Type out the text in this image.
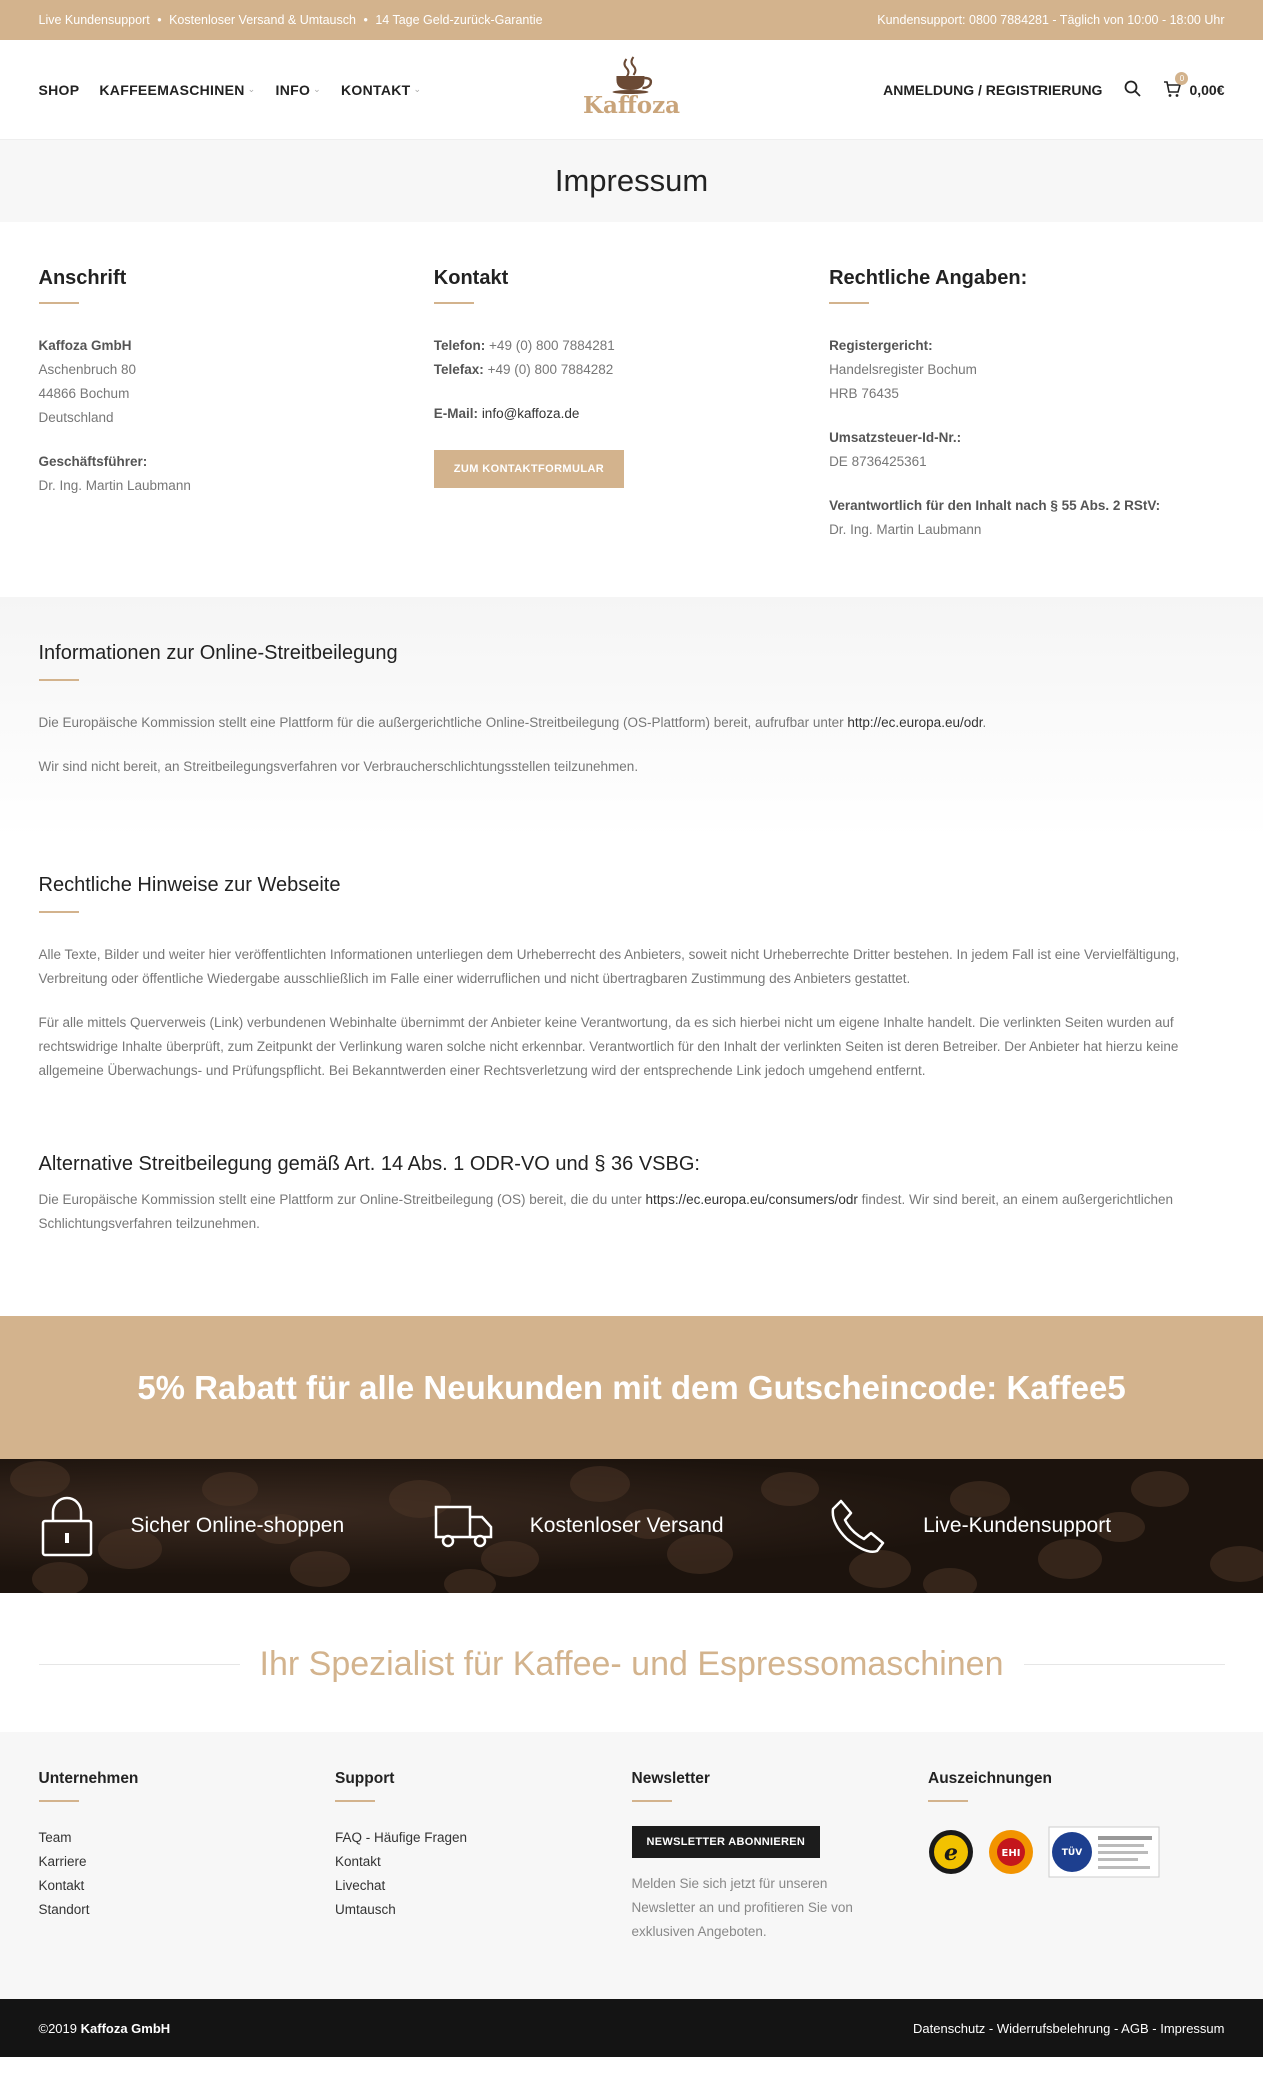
Live Kundensupport • Kostenloser Versand & Umtausch • 14 Tage Geld-zurück-Garantie	Kundensupport: 0800 7884281 - Täglich von 10:00 - 18:00 Uhr
SHOP KAFFEEMASCHINEN ⌄ INFO ⌄ KONTAKT ⌄
Kaffoza
ANMELDUNG / REGISTRIERUNG
0
0,00€
Impressum
Anschrift

Kaffoza GmbH
Aschenbruch 80
44866 Bochum
Deutschland

Geschäftsführer:
Dr. Ing. Martin Laubmann

Kontakt

Telefon: +49 (0) 800 7884281
Telefax: +49 (0) 800 7884282

E-Mail: info@kaffoza.de

ZUM KONTAKTFORMULAR
Rechtliche Angaben:

Registergericht:
Handelsregister Bochum
HRB 76435

Umsatzsteuer-Id-Nr.:
DE 8736425361

Verantwortlich für den Inhalt nach § 55 Abs. 2 RStV:
Dr. Ing. Martin Laubmann

Informationen zur Online-Streitbeilegung

Die Europäische Kommission stellt eine Plattform für die außergerichtliche Online-Streitbeilegung (OS-Plattform) bereit, aufrufbar unter http://ec.europa.eu/odr.

Wir sind nicht bereit, an Streitbeilegungsverfahren vor Verbraucherschlichtungsstellen teilzunehmen.

Rechtliche Hinweise zur Webseite

Alle Texte, Bilder und weiter hier veröffentlichten Informationen unterliegen dem Urheberrecht des Anbieters, soweit nicht Urheberrechte Dritter bestehen. In jedem Fall ist eine Vervielfältigung, Verbreitung oder öffentliche Wiedergabe ausschließlich im Falle einer widerruflichen und nicht übertragbaren Zustimmung des Anbieters gestattet.

Für alle mittels Querverweis (Link) verbundenen Webinhalte übernimmt der Anbieter keine Verantwortung, da es sich hierbei nicht um eigene Inhalte handelt. Die verlinkten Seiten wurden auf rechtswidrige Inhalte überprüft, zum Zeitpunkt der Verlinkung waren solche nicht erkennbar. Verantwortlich für den Inhalt der verlinkten Seiten ist deren Betreiber. Der Anbieter hat hierzu keine allgemeine Überwachungs- und Prüfungspflicht. Bei Bekanntwerden einer Rechtsverletzung wird der entsprechende Link jedoch umgehend entfernt.

Alternative Streitbeilegung gemäß Art. 14 Abs. 1 ODR-VO und § 36 VSBG:

Die Europäische Kommission stellt eine Plattform zur Online-Streitbeilegung (OS) bereit, die du unter https://ec.europa.eu/consumers/odr findest. Wir sind bereit, an einem außergerichtlichen Schlichtungsverfahren teilzunehmen.

5% Rabatt für alle Neukunden mit dem Gutscheincode: Kaffee5
Sicher Online-shoppen	Kostenloser Versand	Live-Kundensupport
Ihr Spezialist für Kaffee- und Espressomaschinen
Unternehmen
Team
Karriere
Kontakt
Standort
Support
FAQ - Häufige Fragen
Kontakt
Livechat
Umtausch
Newsletter
NEWSLETTER ABONNIEREN

Melden Sie sich jetzt für unseren Newsletter an und profitieren Sie von exklusiven Angeboten.

Auszeichnungen
e	EHI	TÜV
©2019 Kaffoza GmbH	Datenschutz - Widerrufsbelehrung - AGB - Impressum
